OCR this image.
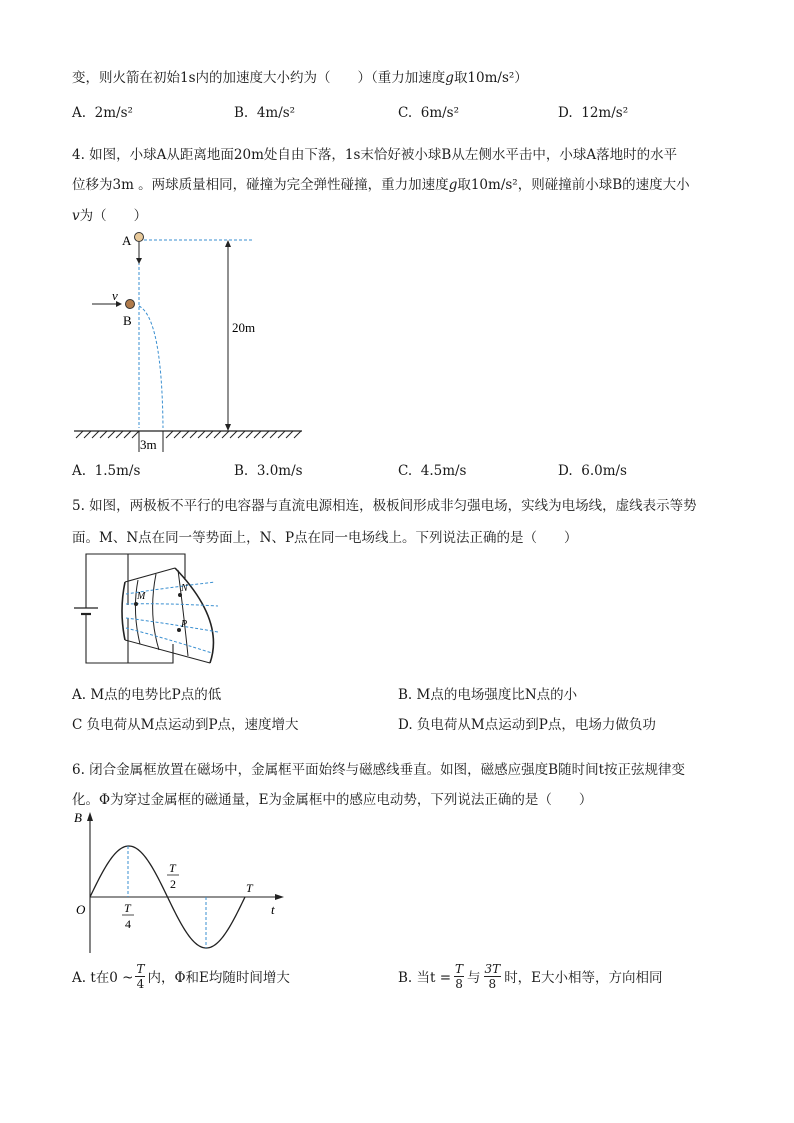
变，则火箭在初始1s内的加速度大小约为（　　）（重力加速度g取10m/s²）
A. 2m/s²	B. 4m/s²	C. 6m/s²	D. 12m/s²
4. 如图，小球A从距离地面20m处自由下落，1s末恰好被小球B从左侧水平击中，小球A落地时的水平
位移为3m 。两球质量相同，碰撞为完全弹性碰撞，重力加速度g取10m/s²，则碰撞前小球B的速度大小
v为（　　）
A
B
v
20m
3m
A. 1.5m/s	B. 3.0m/s	C. 4.5m/s	D. 6.0m/s
5. 如图，两极板不平行的电容器与直流电源相连，极板间形成非匀强电场，实线为电场线，虚线表示等势
面。M、N点在同一等势面上，N、P点在同一电场线上。下列说法正确的是（　　）
M
N
P
A. M点的电势比P点的低	B. M点的电场强度比N点的小
C 负电荷从M点运动到P点，速度增大	D. 负电荷从M点运动到P点，电场力做负功
6. 闭合金属框放置在磁场中，金属框平面始终与磁感线垂直。如图，磁感应强度B随时间t按正弦规律变
化。Φ为穿过金属框的磁通量，E为金属框中的感应电动势，下列说法正确的是（　　）
B
t
O	T
4
T
2	T
A. t在0 ~
T
4 内，Φ和E均随时间增大	B. 当$t = \frac{T}{8}$ 与
3T
8 时，E大小相等，方向相同
